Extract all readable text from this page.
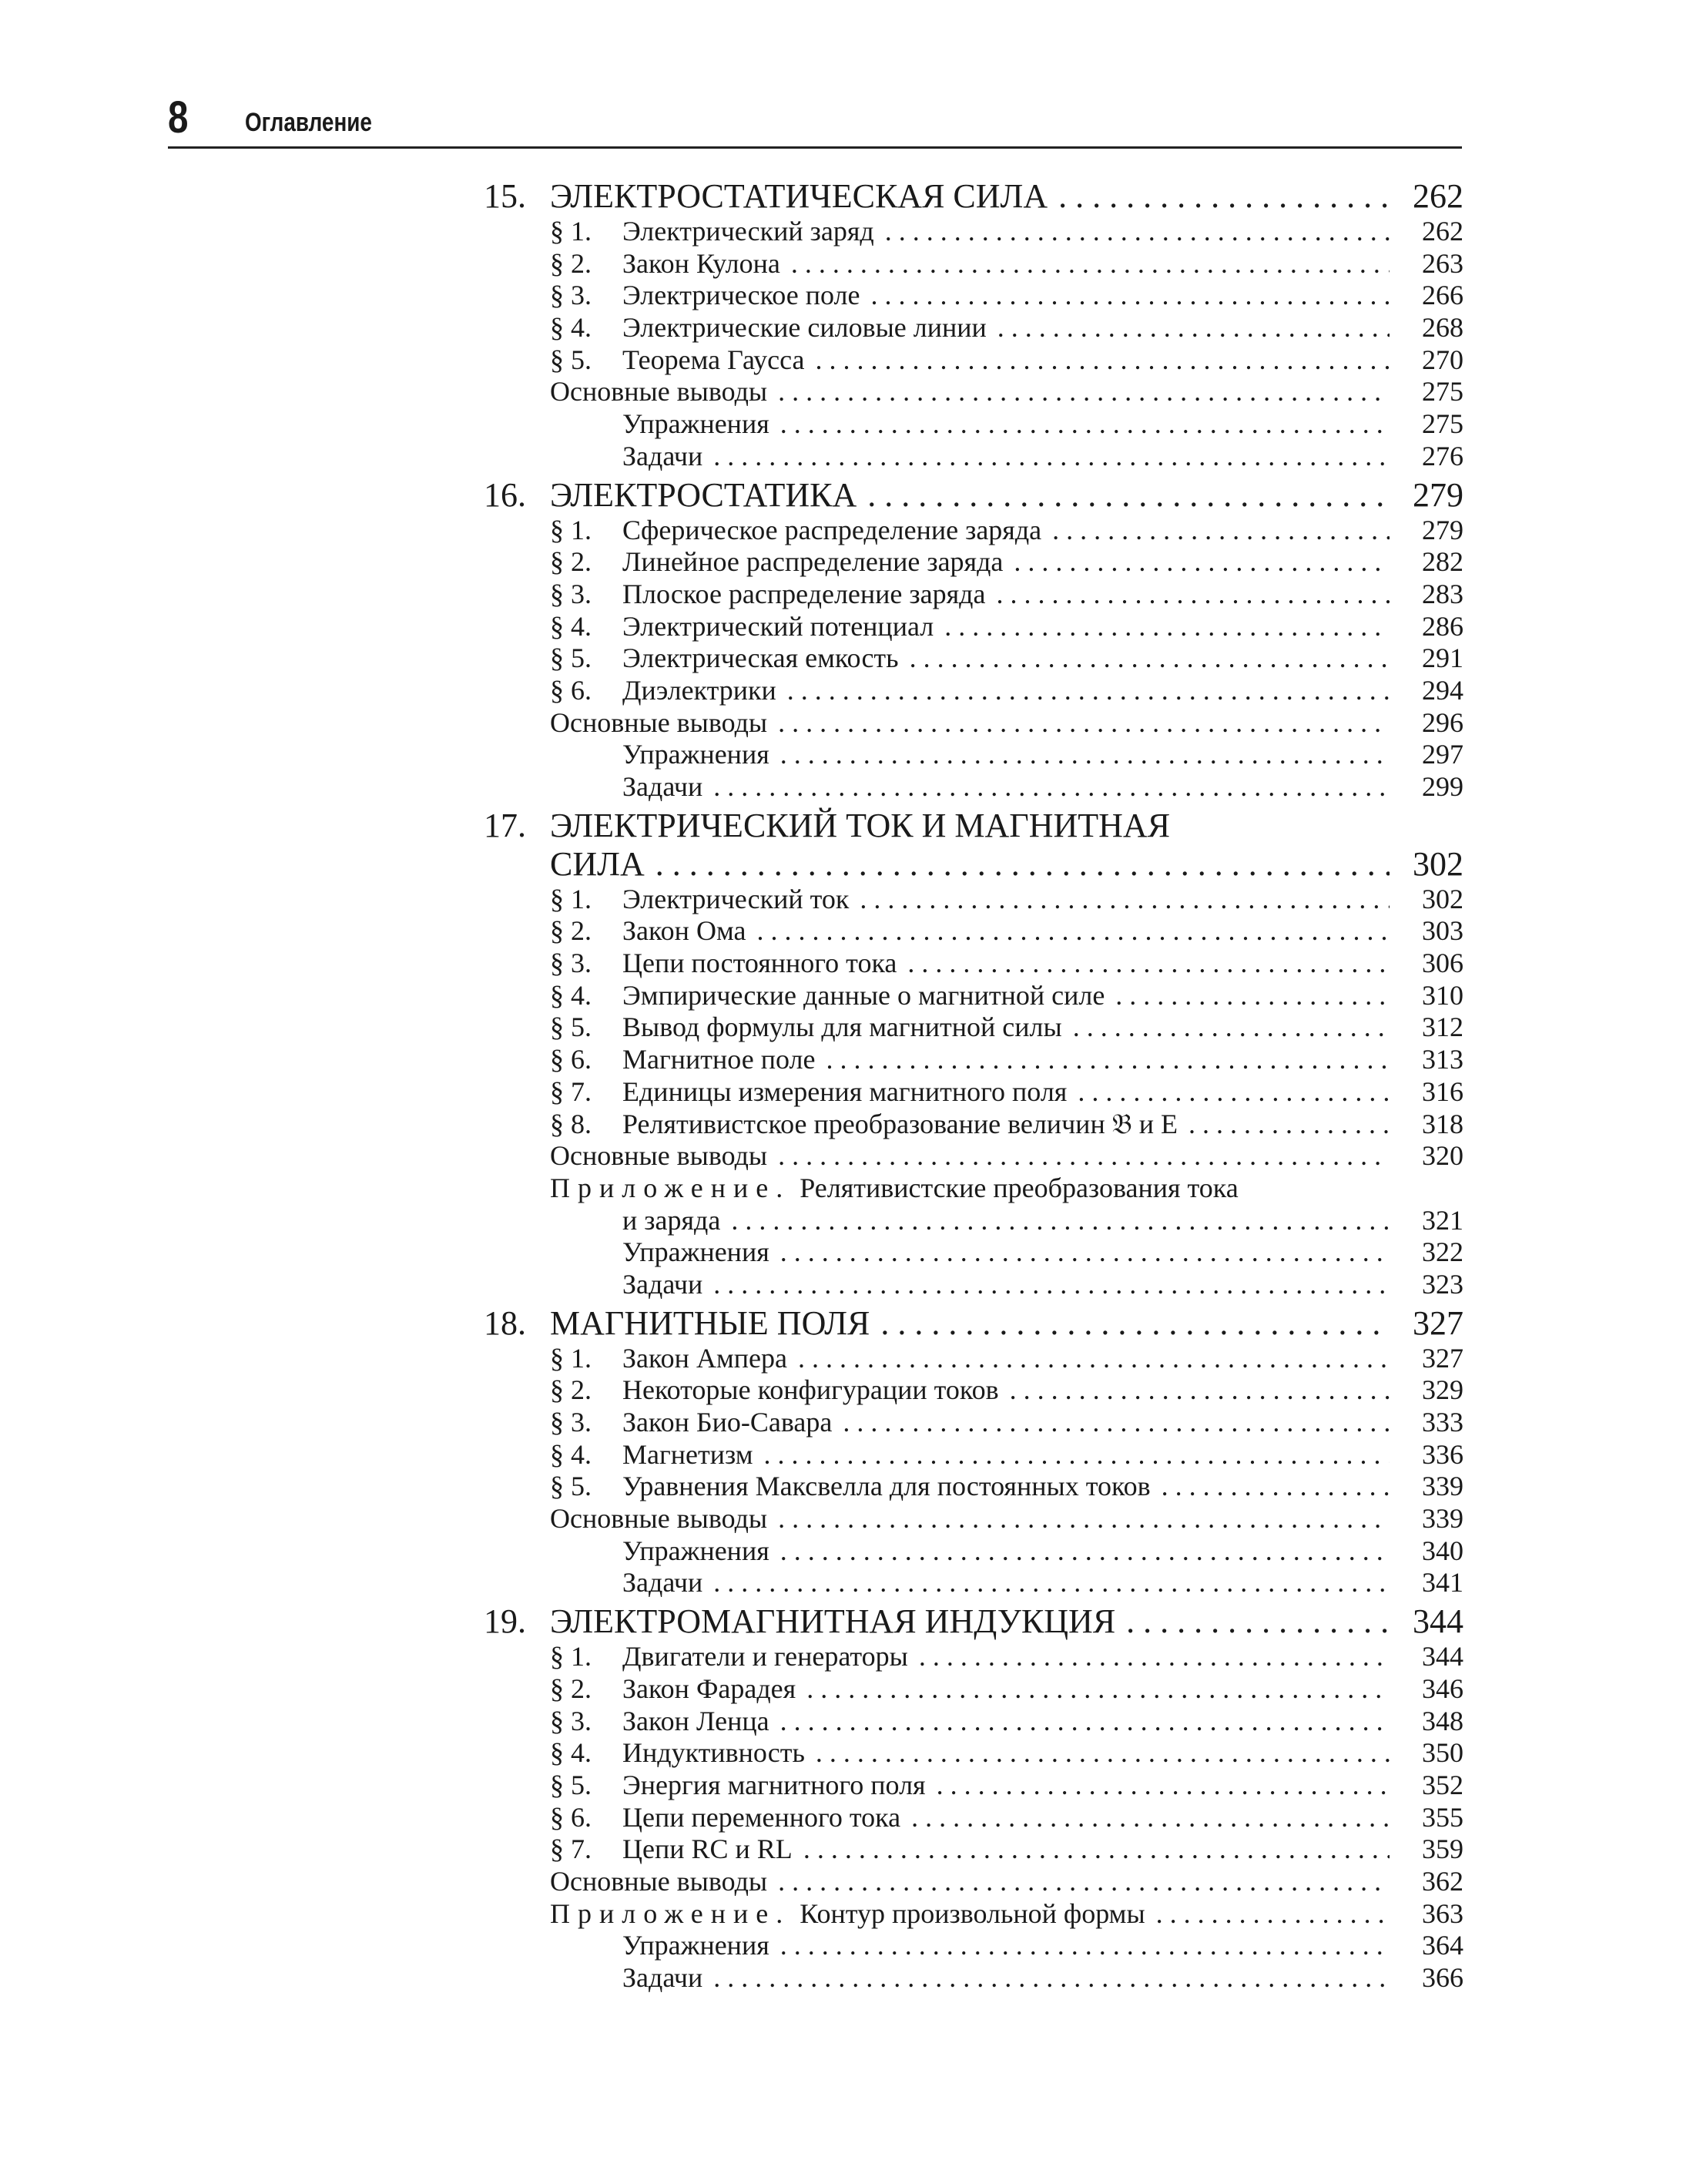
8 Оглавление
15. ЭЛЕКТРОСТАТИЧЕСКАЯ СИЛА . . .	262
§ 1.	Электрический заряд . . .	262
§ 2.	Закон Кулона . . .	263
§ 3.	Электрическое поле . . .	266
§ 4.	Электрические силовые линии . . .	268
§ 5.	Теорема Гаусса . . .	270
Основные выводы . . .	275
Упражнения . . .	275
Задачи . . .	276
16. ЭЛЕКТРОСТАТИКА . . .	279
§ 1.	Сферическое распределение заряда . . .	279
§ 2.	Линейное распределение заряда . . .	282
§ 3.	Плоское распределение заряда . . .	283
§ 4.	Электрический потенциал . . .	286
§ 5.	Электрическая емкость . . .	291
§ 6.	Диэлектрики . . .	294
Основные выводы . . .	296
Упражнения . . .	297
Задачи . . .	299
17. ЭЛЕКТРИЧЕСКИЙ ТОК И МАГНИТНАЯ
СИЛА . . .	302
§ 1.	Электрический ток . . .	302
§ 2.	Закон Ома . . .	303
§ 3.	Цепи постоянного тока . . .	306
§ 4.	Эмпирические данные о магнитной силе . . .	310
§ 5.	Вывод формулы для магнитной силы . . .	312
§ 6.	Магнитное поле . . .	313
§ 7.	Единицы измерения магнитного поля . . .	316
§ 8.	Релятивистское преобразование величин 𝔅 и E . . .	318
Основные выводы . . .	320
Приложение. Релятивистские преобразования тока
и заряда . . .	321
Упражнения . . .	322
Задачи . . .	323
18. МАГНИТНЫЕ ПОЛЯ . . .	327
§ 1.	Закон Ампера . . .	327
§ 2.	Некоторые конфигурации токов . . .	329
§ 3.	Закон Био-Савара . . .	333
§ 4.	Магнетизм . . .	336
§ 5.	Уравнения Максвелла для постоянных токов . . .	339
Основные выводы . . .	339
Упражнения . . .	340
Задачи . . .	341
19. ЭЛЕКТРОМАГНИТНАЯ ИНДУКЦИЯ . . .	344
§ 1.	Двигатели и генераторы . . .	344
§ 2.	Закон Фарадея . . .	346
§ 3.	Закон Ленца . . .	348
§ 4.	Индуктивность . . .	350
§ 5.	Энергия магнитного поля . . .	352
§ 6.	Цепи переменного тока . . .	355
§ 7.	Цепи RC и RL . . .	359
Основные выводы . . .	362
Приложение. Контур произвольной формы . . .	363
Упражнения . . .	364
Задачи . . .	366
